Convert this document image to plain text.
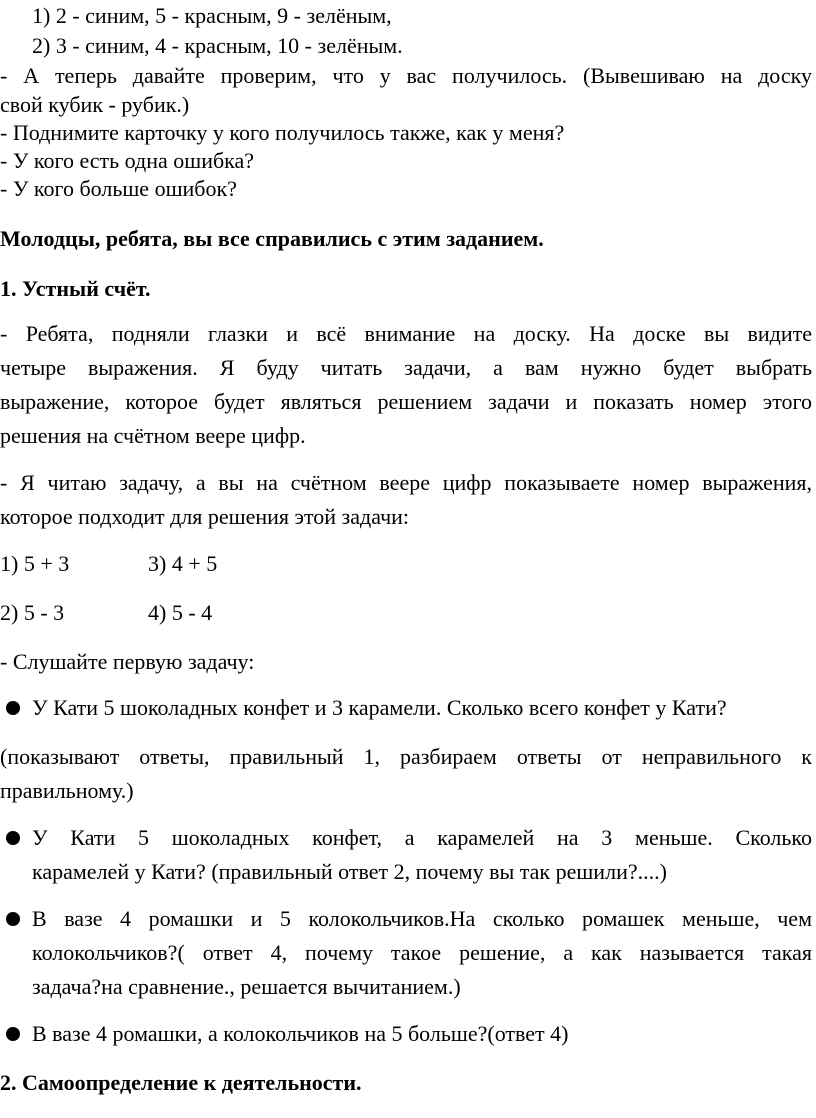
1) 2 - синим, 5 - красным, 9 - зелёным,
2) 3 - синим, 4 - красным, 10 - зелёным.
- А теперь давайте проверим, что у вас получилось. (Вывешиваю на доску
свой кубик - рубик.)
- Поднимите карточку у кого получилось также, как у меня?
- У кого есть одна ошибка?
- У кого больше ошибок?
Молодцы, ребята, вы все справились с этим заданием.
1. Устный счёт.
- Ребята, подняли глазки и всё внимание на доску. На доске вы видите
четыре выражения. Я буду читать задачи, а вам нужно будет выбрать
выражение, которое будет являться решением задачи и показать номер этого
решения на счётном веере цифр.
- Я читаю задачу, а вы на счётном веере цифр показываете номер выражения,
которое подходит для решения этой задачи:
1) 5 + 3	3) 4 + 5
2) 5 - 3	4) 5 - 4
- Слушайте первую задачу:
У Кати 5 шоколадных конфет и 3 карамели. Сколько всего конфет у Кати?
(показывают ответы, правильный 1, разбираем ответы от неправильного к
правильному.)
У Кати 5 шоколадных конфет, а карамелей на 3 меньше. Сколько
карамелей у Кати? (правильный ответ 2, почему вы так решили?....)
В вазе 4 ромашки и 5 колокольчиков.На сколько ромашек меньше, чем
колокольчиков?( ответ 4, почему такое решение, а как называется такая
задача?на сравнение., решается вычитанием.)
В вазе 4 ромашки, а колокольчиков на 5 больше?(ответ 4)
2. Самоопределение к деятельности.
